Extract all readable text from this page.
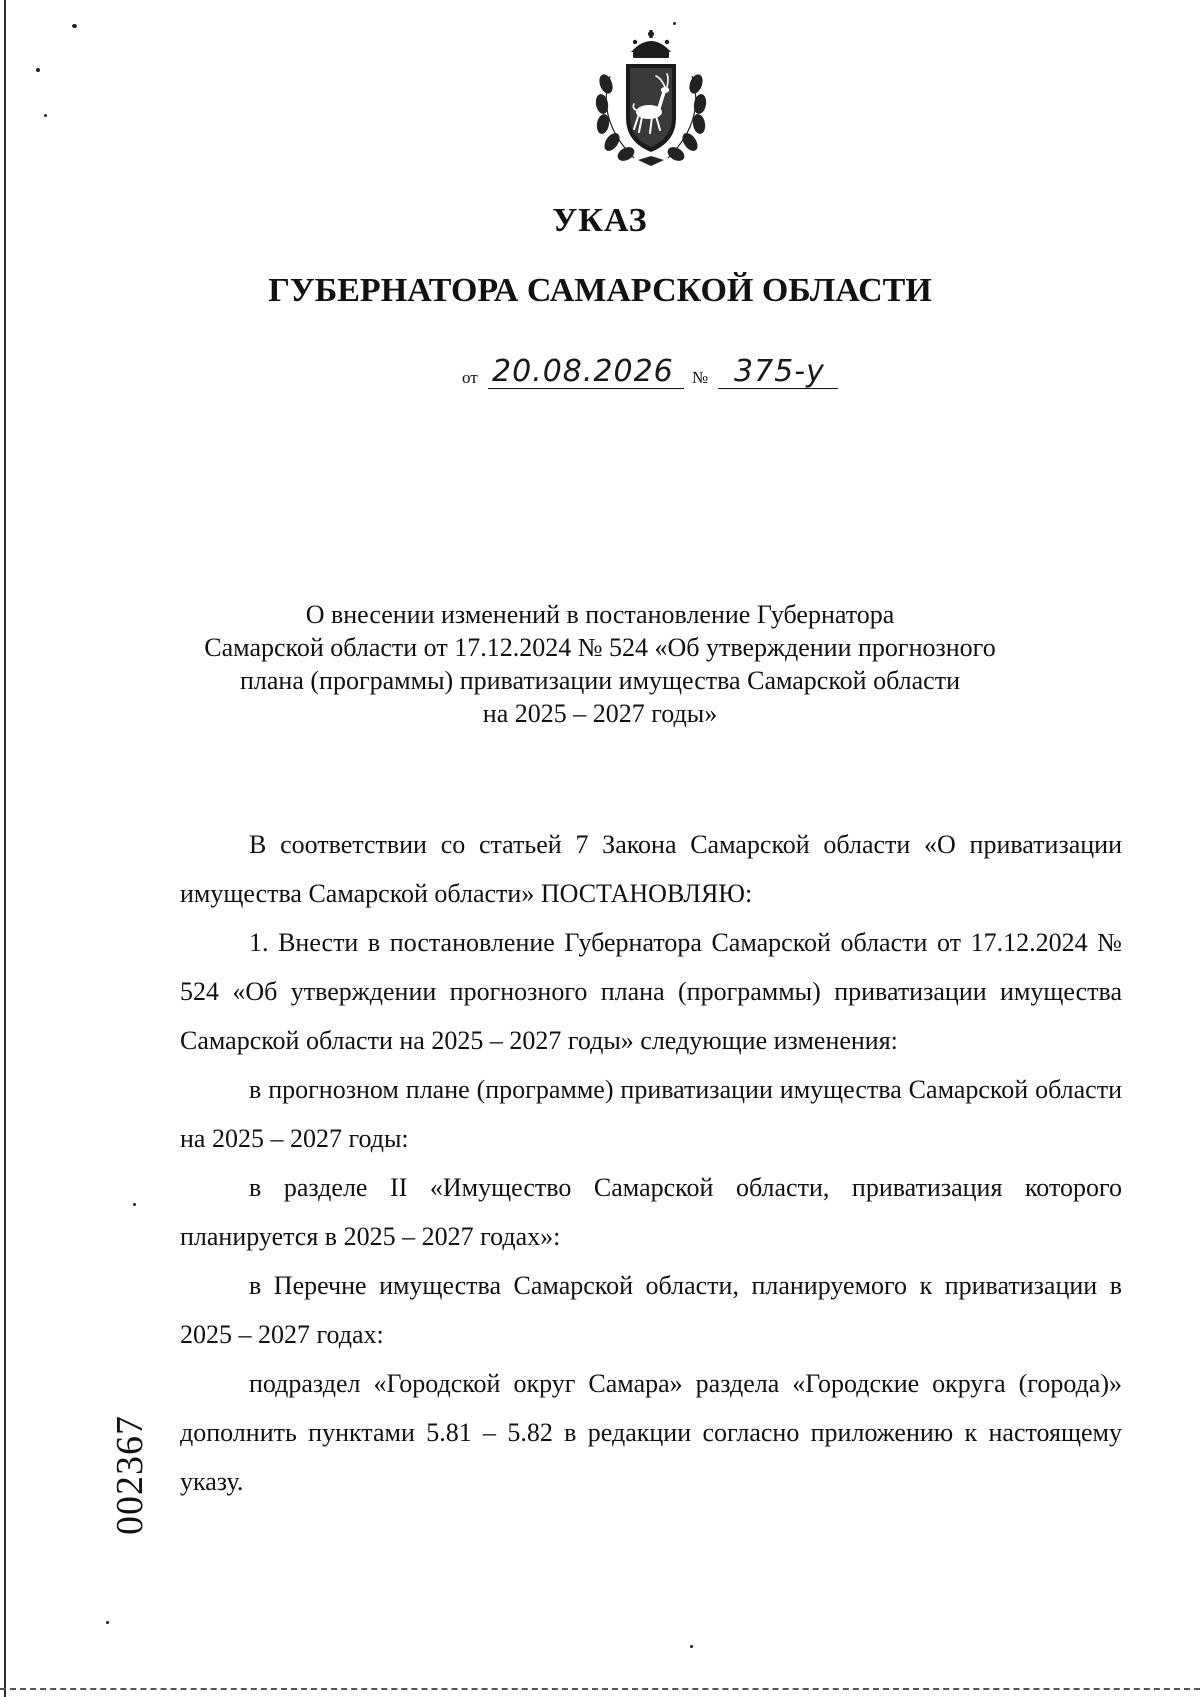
УКАЗ
ГУБЕРНАТОРА САМАРСКОЙ ОБЛАСТИ
от 20.08.2026 № 375-у
О внесении изменений в постановление Губернатора
Самарской области от 17.12.2024 № 524 «Об утверждении прогнозного
плана (программы) приватизации имущества Самарской области
на 2025 – 2027 годы»

В соответствии со статьей 7 Закона Самарской области «О приватизации имущества Самарской области» ПОСТАНОВЛЯЮ:

1. Внести в постановление Губернатора Самарской области от 17.12.2024 № 524 «Об утверждении прогнозного плана (программы) приватизации имущества Самарской области на 2025 – 2027 годы» следующие изменения:

в прогнозном плане (программе) приватизации имущества Самарской области на 2025 – 2027 годы:

в разделе II «Имущество Самарской области, приватизация которого планируется в 2025 – 2027 годах»:

в Перечне имущества Самарской области, планируемого к приватизации в 2025 – 2027 годах:

подраздел «Городской округ Самара» раздела «Городские округа (города)» дополнить пунктами 5.81 – 5.82 в редакции согласно приложению к настоящему указу.

002367
